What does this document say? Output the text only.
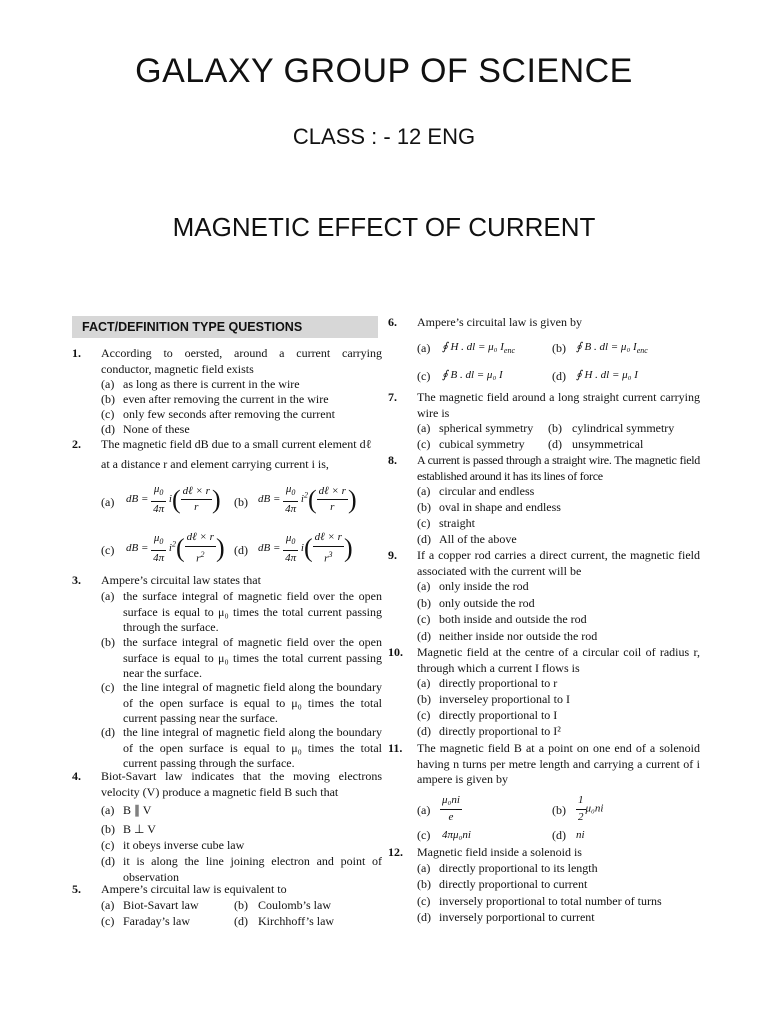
GALAXY GROUP OF SCIENCE
CLASS : - 12 ENG
MAGNETIC EFFECT OF CURRENT
FACT/DEFINITION TYPE QUESTIONS
1. According to oersted, around a current carrying conductor, magnetic field exists
(a) as long as there is current in the wire
(b) even after removing the current in the wire
(c) only few seconds after removing the current
(d) None of these
2. The magnetic field dB due to a small current element dℓ
at a distance r and element carrying current i is,
(a) dB = $\frac{\mu_0}{4\pi} i( \frac{\text{dℓ × r}}{r}$ ) (b) dB = $\frac{\mu_0}{4\pi} i^2( \frac{\text{dℓ × r}}{r}$ )
(c) dB = $\frac{\mu_0}{4\pi} i^2( \frac{\text{dℓ × r}}{r^2}$ ) (d) dB = $\frac{\mu_0}{4\pi} i( \frac{\text{dℓ × r}}{r^3}$ )
3. Ampere’s circuital law states that
(a) the surface integral of magnetic field over the open surface is equal to μ₀ times the total current passing through the surface.
(b) the surface integral of magnetic field over the open surface is equal to μ₀ times the total current passing near the surface.
(c) the line integral of magnetic field along the boundary of the open surface is equal to μ₀ times the total current passing near the surface.
(d) the line integral of magnetic field along the boundary of the open surface is equal to μ₀ times the total current passing through the surface.
4. Biot-Savart law indicates that the moving electrons velocity (V) produce a magnetic field B such that
(a) B ∥ V
(b) B ⊥ V
(c) it obeys inverse cube law
(d) it is along the line joining electron and point of observation
5. Ampere’s circuital law is equivalent to
(a) Biot-Savart law	(b) Coulomb’s law
(c) Faraday’s law	(d) Kirchhoff’s law
6. Ampere’s circuital law is given by
(a) ∮ H . dl = μ₀ $I_{enc}$	(b) ∮ B . dl = μ₀ $I_{enc}$
(c) ∮ B . dl = μ₀ I	(d) ∮ H . dl = μ₀ I
7. The magnetic field around a long straight current carrying wire is
(a) spherical symmetry (b) cylindrical symmetry
(c) cubical symmetry (d) unsymmetrical
8. A current is passed through a straight wire. The magnetic field established around it has its lines of force
(a) circular and endless
(b) oval in shape and endless
(c) straight
(d) All of the above
9. If a copper rod carries a direct current, the magnetic field associated with the current will be
(a) only inside the rod
(b) only outside the rod
(c) both inside and outside the rod
(d) neither inside nor outside the rod
10. Magnetic field at the centre of a circular coil of radius r, through which a current I flows is
(a) directly proportional to r
(b) inverseley proportional to I
(c) directly proportional to I
(d) directly proportional to I²
11. The magnetic field B at a point on one end of a solenoid having n turns per metre length and carrying a current of i ampere is given by
$(a) \frac{\text{μ₀ni}}{e}$	$(b) \frac{1}{2} \mu_0ni$
(c) 4πμ₀ni	(d) ni
12. Magnetic field inside a solenoid is
(a) directly proportional to its length
(b) directly proportional to current
(c) inversely proportional to total number of turns
(d) inversely porportional to current
